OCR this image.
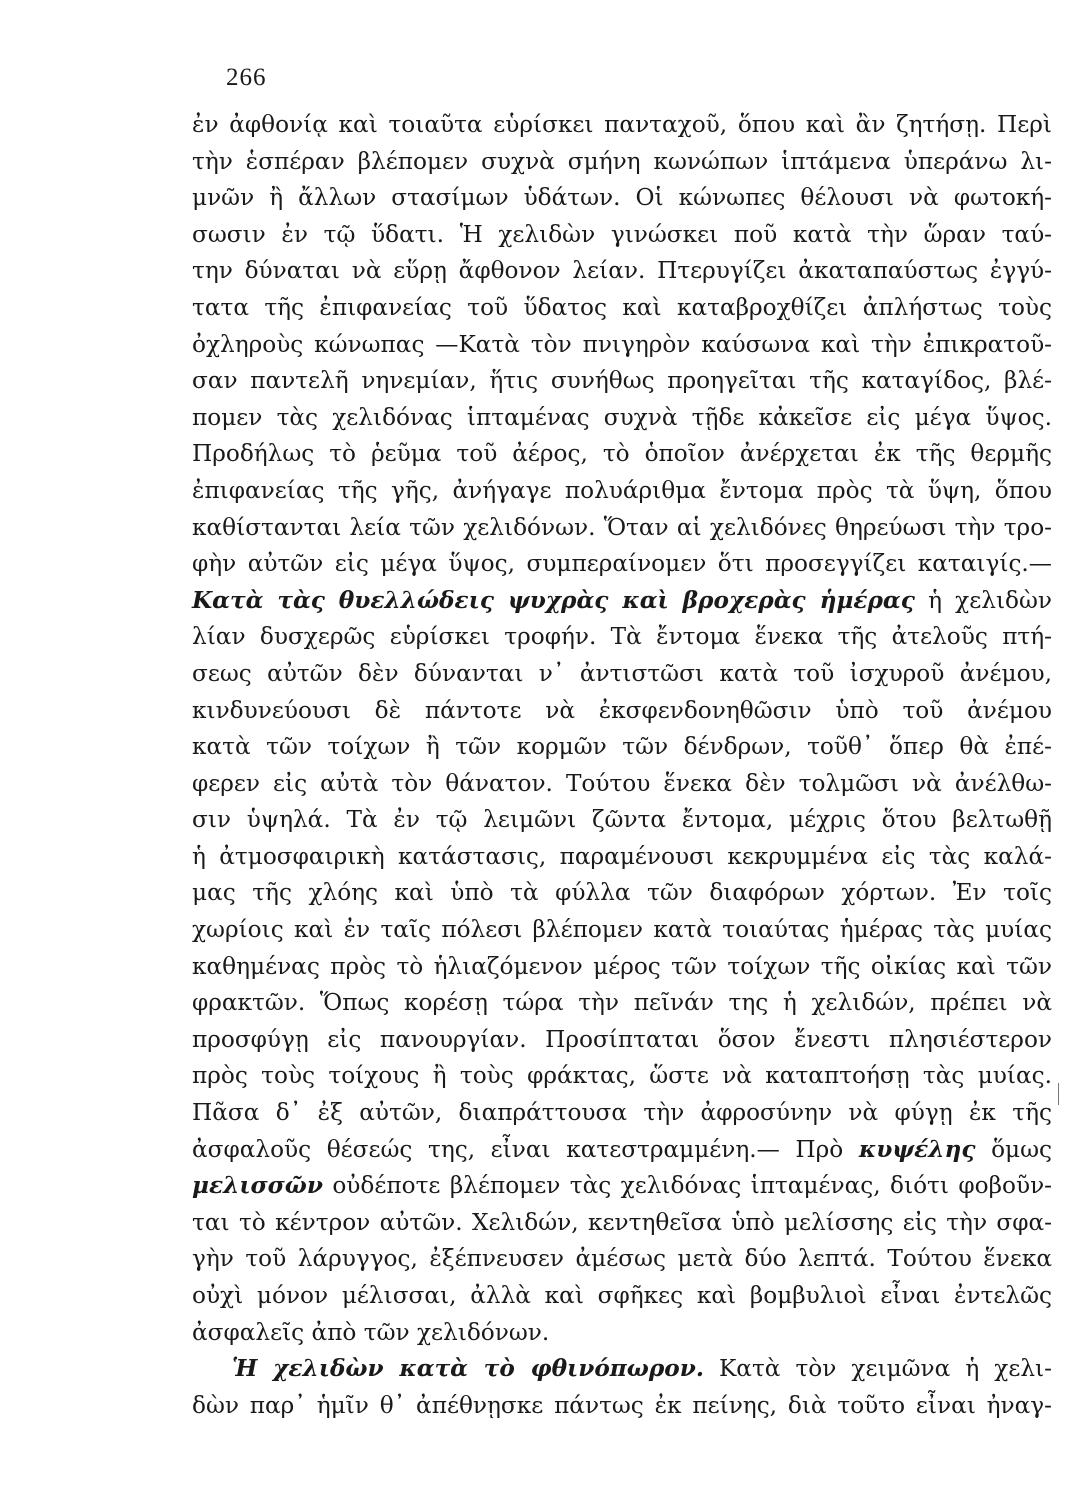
266
ἐν ἀφθονίᾳ καὶ τοιαῦτα εὑρίσκει πανταχοῦ, ὅπου καὶ ἂν ζητήσῃ. Περὶ
τὴν ἑσπέραν βλέπομεν συχνὰ σμήνη κωνώπων ἱπτάμενα ὑπεράνω λι-
μνῶν ἢ ἄλλων στασίμων ὑδάτων. Οἱ κώνωπες θέλουσι νὰ φωτοκή-
σωσιν ἐν τῷ ὕδατι. Ἡ χελιδὼν γινώσκει ποῦ κατὰ τὴν ὥραν ταύ-
την δύναται νὰ εὕρῃ ἄφθονον λείαν. Πτερυγίζει ἀκαταπαύστως ἐγγύ-
τατα τῆς ἐπιφανείας τοῦ ὕδατος καὶ καταβροχθίζει ἀπλήστως τοὺς
ὀχληροὺς κώνωπας —Κατὰ τὸν πνιγηρὸν καύσωνα καὶ τὴν ἐπικρατοῦ-
σαν παντελῆ νηνεμίαν, ἥτις συνήθως προηγεῖται τῆς καταγίδος, βλέ-
πομεν τὰς χελιδόνας ἱπταμένας συχνὰ τῇδε κἀκεῖσε εἰς μέγα ὕψος.
Προδήλως τὸ ῥεῦμα τοῦ ἀέρος, τὸ ὁποῖον ἀνέρχεται ἐκ τῆς θερμῆς
ἐπιφανείας τῆς γῆς, ἀνήγαγε πολυάριθμα ἔντομα πρὸς τὰ ὕψη, ὅπου
καθίστανται λεία τῶν χελιδόνων. Ὅταν αἱ χελιδόνες θηρεύωσι τὴν τρο-
φὴν αὐτῶν εἰς μέγα ὕψος, συμπεραίνομεν ὅτι προσεγγίζει καταιγίς.—
Κατὰ τὰς θυελλώδεις ψυχρὰς καὶ βροχερὰς ἡμέρας ἡ χελιδὼν
λίαν δυσχερῶς εὑρίσκει τροφήν. Τὰ ἔντομα ἕνεκα τῆς ἀτελοῦς πτή-
σεως αὐτῶν δὲν δύνανται ν᾽ ἀντιστῶσι κατὰ τοῦ ἰσχυροῦ ἀνέμου,
κινδυνεύουσι δὲ πάντοτε νὰ ἐκσφενδονηθῶσιν ὑπὸ τοῦ ἀνέμου
κατὰ τῶν τοίχων ἢ τῶν κορμῶν τῶν δένδρων, τοῦθ᾽ ὅπερ θὰ ἐπέ-
φερεν εἰς αὐτὰ τὸν θάνατον. Τούτου ἕνεκα δὲν τολμῶσι νὰ ἀνέλθω-
σιν ὑψηλά. Τὰ ἐν τῷ λειμῶνι ζῶντα ἔντομα, μέχρις ὅτου βελτωθῇ
ἡ ἀτμοσφαιρικὴ κατάστασις, παραμένουσι κεκρυμμένα εἰς τὰς καλά-
μας τῆς χλόης καὶ ὑπὸ τὰ φύλλα τῶν διαφόρων χόρτων. Ἐν τοῖς
χωρίοις καὶ ἐν ταῖς πόλεσι βλέπομεν κατὰ τοιαύτας ἡμέρας τὰς μυίας
καθημένας πρὸς τὸ ἡλιαζόμενον μέρος τῶν τοίχων τῆς οἰκίας καὶ τῶν
φρακτῶν. Ὅπως κορέσῃ τώρα τὴν πεῖνάν της ἡ χελιδών, πρέπει νὰ
προσφύγῃ εἰς πανουργίαν. Προσίπταται ὅσον ἔνεστι πλησιέστερον
πρὸς τοὺς τοίχους ἢ τοὺς φράκτας, ὥστε νὰ καταπτοήσῃ τὰς μυίας.
Πᾶσα δ᾽ ἐξ αὐτῶν, διαπράττουσα τὴν ἀφροσύνην νὰ φύγῃ ἐκ τῆς
ἀσφαλοῦς θέσεώς της, εἶναι κατεστραμμένη.— Πρὸ κυψέλης ὅμως
μελισσῶν οὐδέποτε βλέπομεν τὰς χελιδόνας ἱπταμένας, διότι φοβοῦν-
ται τὸ κέντρον αὐτῶν. Χελιδών, κεντηθεῖσα ὑπὸ μελίσσης εἰς τὴν σφα-
γὴν τοῦ λάρυγγος, ἐξέπνευσεν ἀμέσως μετὰ δύο λεπτά. Τούτου ἕνεκα
οὐχὶ μόνον μέλισσαι, ἀλλὰ καὶ σφῆκες καὶ βομβυλιοὶ εἶναι ἐντελῶς
ἀσφαλεῖς ἀπὸ τῶν χελιδόνων.
Ἡ χελιδὼν κατὰ τὸ φθινόπωρον. Κατὰ τὸν χειμῶνα ἡ χελι-
δὼν παρ᾽ ἡμῖν θ᾽ ἀπέθνῃσκε πάντως ἐκ πείνης, διὰ τοῦτο εἶναι ἠναγ-
